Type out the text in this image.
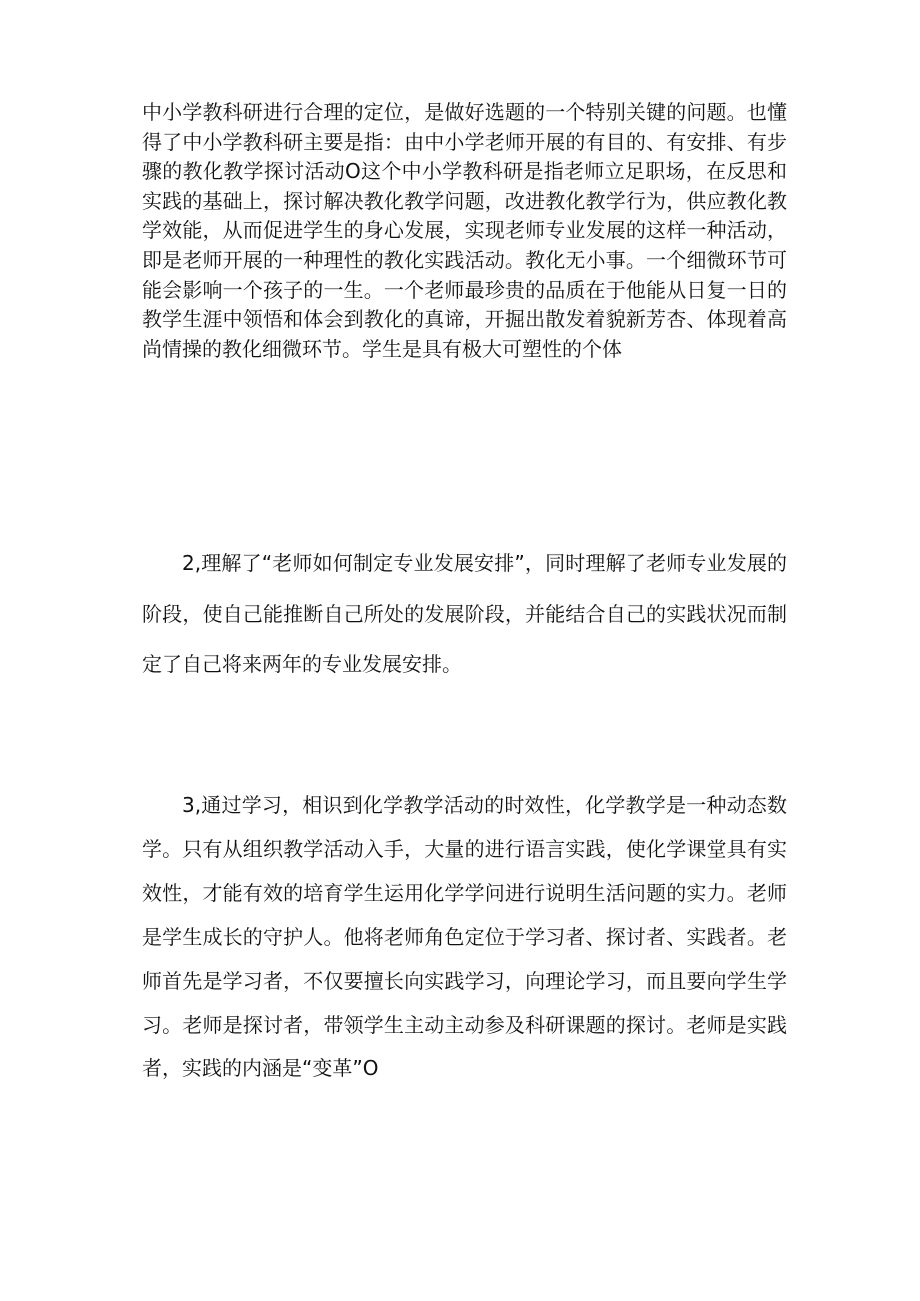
中小学教科研进行合理的定位，是做好选题的一个特别关键的问题。也懂得了中小学教科研主要是指：由中小学老师开展的有目的、有安排、有步骤的教化教学探讨活动O这个中小学教科研是指老师立足职场，在反思和实践的基础上，探讨解决教化教学问题，改进教化教学行为，供应教化教学效能，从而促进学生的身心发展，实现老师专业发展的这样一种活动，即是老师开展的一种理性的教化实践活动。教化无小事。一个细微环节可能会影响一个孩子的一生。一个老师最珍贵的品质在于他能从日复一日的教学生涯中领悟和体会到教化的真谛，开掘出散发着貌新芳杏、体现着高尚情操的教化细微环节。学生是具有极大可塑性的个体

2,理解了“老师如何制定专业发展安排”，同时理解了老师专业发展的阶段，使自己能推断自己所处的发展阶段，并能结合自己的实践状况而制定了自己将来两年的专业发展安排。

3,通过学习，相识到化学教学活动的时效性，化学教学是一种动态数学。只有从组织教学活动入手，大量的进行语言实践，使化学课堂具有实效性，才能有效的培育学生运用化学学问进行说明生活问题的实力。老师是学生成长的守护人。他将老师角色定位于学习者、探讨者、实践者。老师首先是学习者，不仅要擅长向实践学习，向理论学习，而且要向学生学习。老师是探讨者，带领学生主动主动参及科研课题的探讨。老师是实践者，实践的内涵是“变革”O
